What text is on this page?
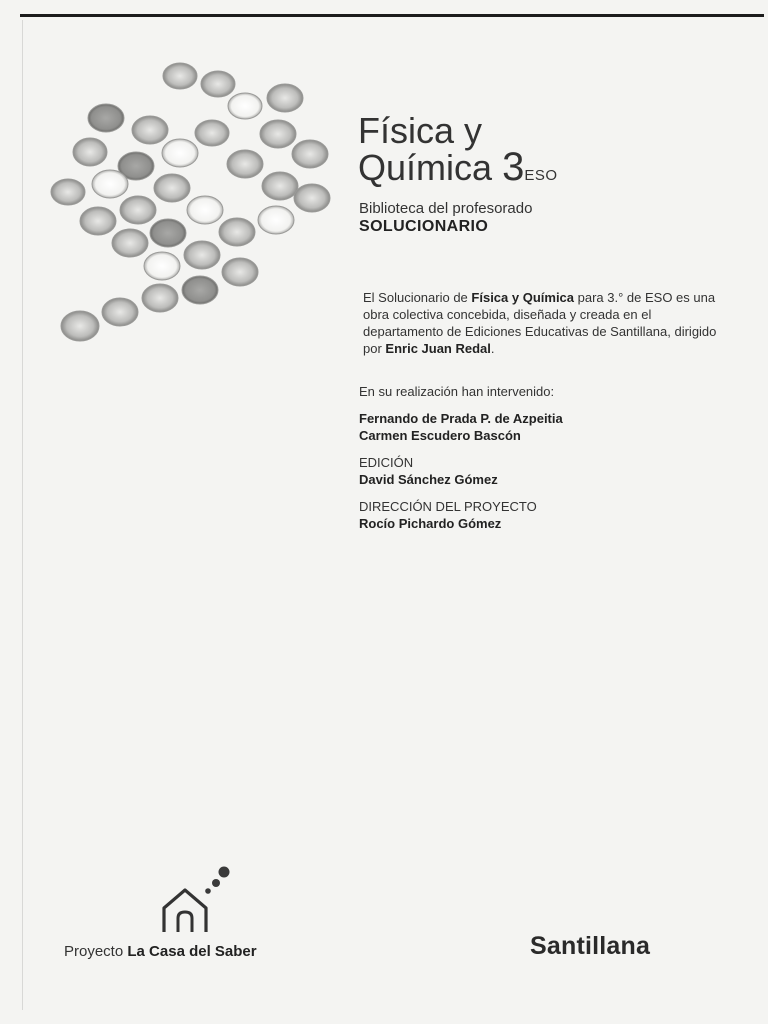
Física y
Química 3ESO
Biblioteca del profesorado
SOLUCIONARIO

El Solucionario de Física y Química para 3.° de ESO es una obra colectiva concebida, diseñada y creada en el departamento de Ediciones Educativas de Santillana, dirigido por Enric Juan Redal.

En su realización han intervenido:
Fernando de Prada P. de Azpeitia
Carmen Escudero Bascón
EDICIÓN
David Sánchez Gómez
DIRECCIÓN DEL PROYECTO
Rocío Pichardo Gómez
Proyecto La Casa del Saber	Santillana
